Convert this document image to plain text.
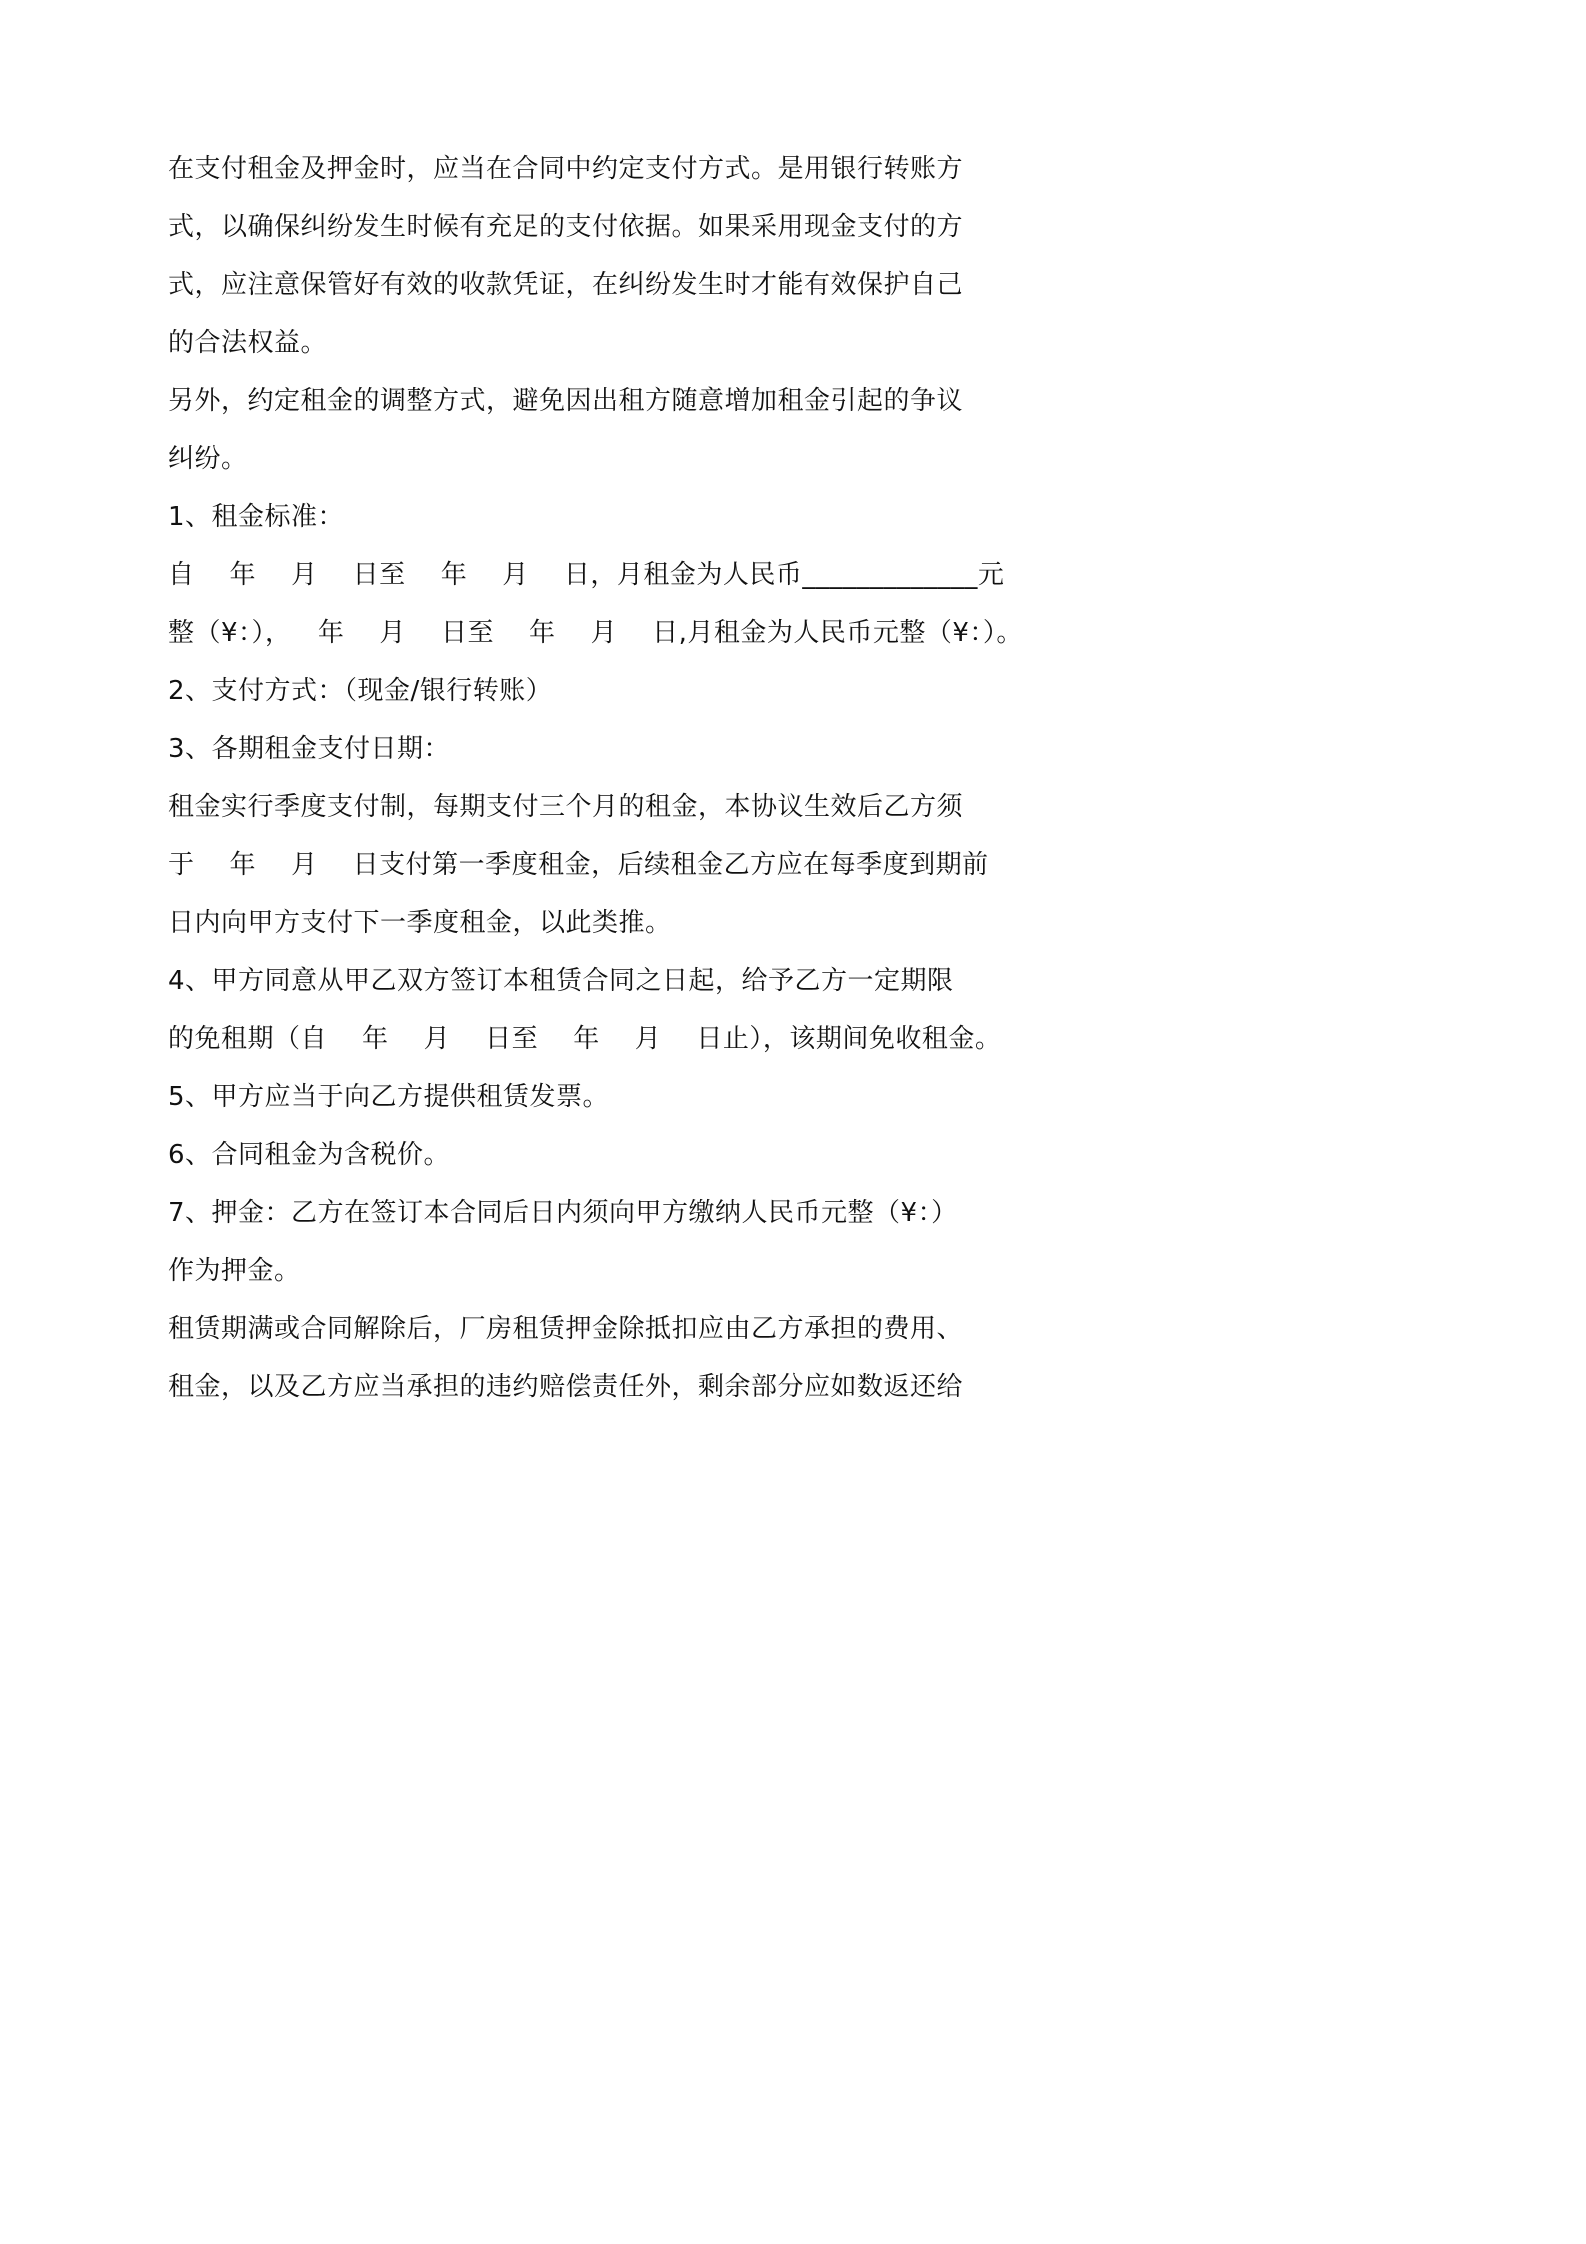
在支付租金及押金时，应当在合同中约定支付方式。是用银行转账方
式，以确保纠纷发生时候有充足的支付依据。如果采用现金支付的方
式，应注意保管好有效的收款凭证，在纠纷发生时才能有效保护自己
的合法权益。

另外，约定租金的调整方式，避免因出租方随意增加租金引起的争议
纠纷。

1、租金标准：

自    年    月    日至    年    月    日，月租金为人民币_____________元
整（¥：），   年    月    日至    年    月    日,月租金为人民币元整（¥：）。

2、支付方式：（现金/银行转账）

3、各期租金支付日期：

租金实行季度支付制，每期支付三个月的租金，本协议生效后乙方须
于    年    月    日支付第一季度租金，后续租金乙方应在每季度到期前
日内向甲方支付下一季度租金，以此类推。

4、甲方同意从甲乙双方签订本租赁合同之日起，给予乙方一定期限
的免租期（自    年    月    日至    年    月    日止），该期间免收租金。

5、甲方应当于向乙方提供租赁发票。

6、合同租金为含税价。

7、押金：乙方在签订本合同后日内须向甲方缴纳人民币元整（¥：）
作为押金。

租赁期满或合同解除后，厂房租赁押金除抵扣应由乙方承担的费用、
租金，以及乙方应当承担的违约赔偿责任外，剩余部分应如数返还给
